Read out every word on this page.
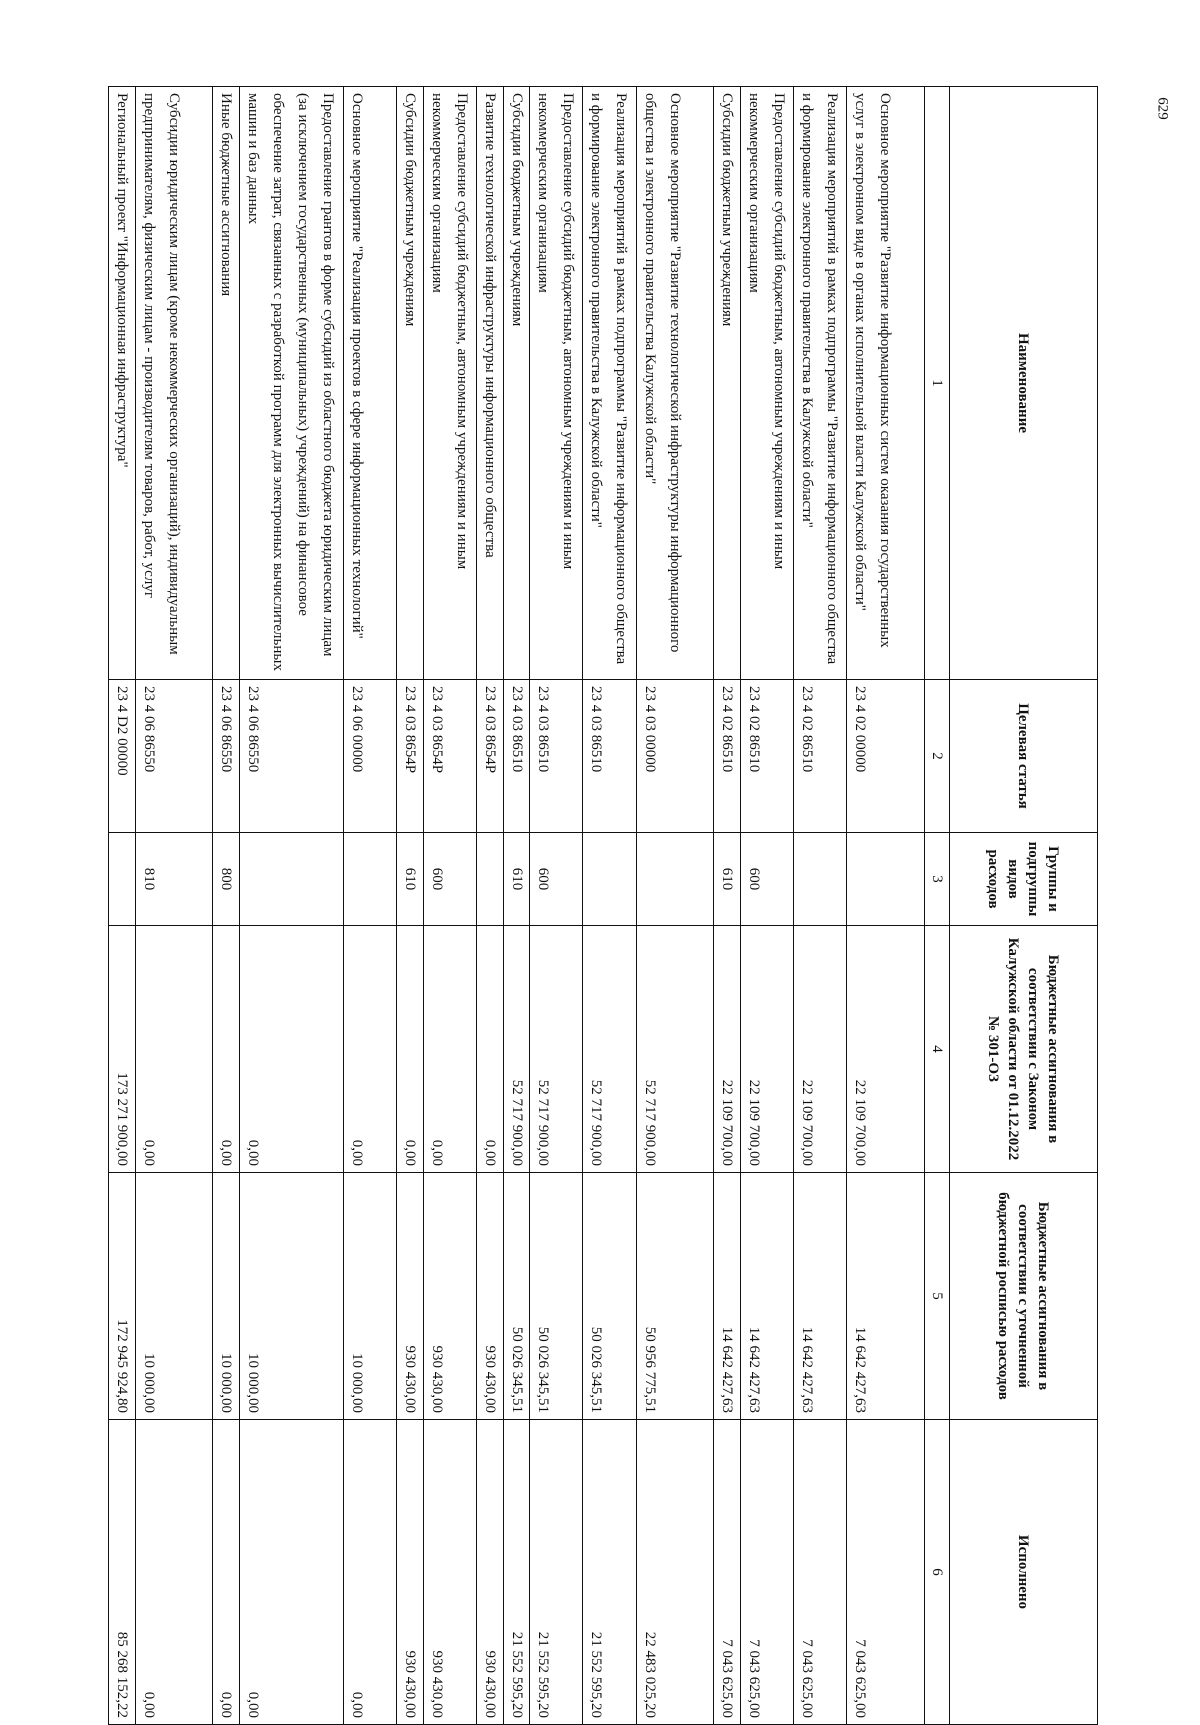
629
Наименование	Целевая статья	Группы и подгруппы видов расходов	Бюджетные ассигнования в соответствии с Законом Калужской области от 01.12.2022 № 301-ОЗ	Бюджетные ассигнования в соответствии с уточненной бюджетной росписью расходов	Исполнено
1	2	3	4	5	6
Основное мероприятие "Развитие информационных систем оказания государственных услуг в электронном виде в органах исполнительной власти Калужской области"	23 4 02 00000		22 109 700,00	14 642 427,63	7 043 625,00
Реализация мероприятий в рамках подпрограммы "Развитие информационного общества и формирование электронного правительства в Калужской области"	23 4 02 86510		22 109 700,00	14 642 427,63	7 043 625,00
Предоставление субсидий бюджетным, автономным учреждениям и иным некоммерческим организациям	23 4 02 86510	600	22 109 700,00	14 642 427,63	7 043 625,00
Субсидии бюджетным учреждениям	23 4 02 86510	610	22 109 700,00	14 642 427,63	7 043 625,00
Основное мероприятие "Развитие технологической инфраструктуры информационного общества и электронного правительства Калужской области"	23 4 03 00000		52 717 900,00	50 956 775,51	22 483 025,20
Реализация мероприятий в рамках подпрограммы "Развитие информационного общества и формирование электронного правительства в Калужской области"	23 4 03 86510		52 717 900,00	50 026 345,51	21 552 595,20
Предоставление субсидий бюджетным, автономным учреждениям и иным некоммерческим организациям	23 4 03 86510	600	52 717 900,00	50 026 345,51	21 552 595,20
Субсидии бюджетным учреждениям	23 4 03 86510	610	52 717 900,00	50 026 345,51	21 552 595,20
Развитие технологической инфраструктуры информационного общества	23 4 03 8654Р		0,00	930 430,00	930 430,00
Предоставление субсидий бюджетным, автономным учреждениям и иным некоммерческим организациям	23 4 03 8654Р	600	0,00	930 430,00	930 430,00
Субсидии бюджетным учреждениям	23 4 03 8654Р	610	0,00	930 430,00	930 430,00
Основное мероприятие "Реализация проектов в сфере информационных технологий"	23 4 06 00000		0,00	10 000,00	0,00
Предоставление грантов в форме субсидий из областного бюджета юридическим лицам (за исключением государственных (муниципальных) учреждений) на финансовое обеспечение затрат, связанных с разработкой программ для электронных вычислительных машин и баз данных	23 4 06 86550		0,00	10 000,00	0,00
Иные бюджетные ассигнования	23 4 06 86550	800	0,00	10 000,00	0,00
Субсидии юридическим лицам (кроме некоммерческих организаций), индивидуальным предпринимателям, физическим лицам - производителям товаров, работ, услуг	23 4 06 86550	810	0,00	10 000,00	0,00
Региональный проект "Информационная инфраструктура"	23 4 D2 00000		173 271 900,00	172 945 924,80	85 268 152,22
